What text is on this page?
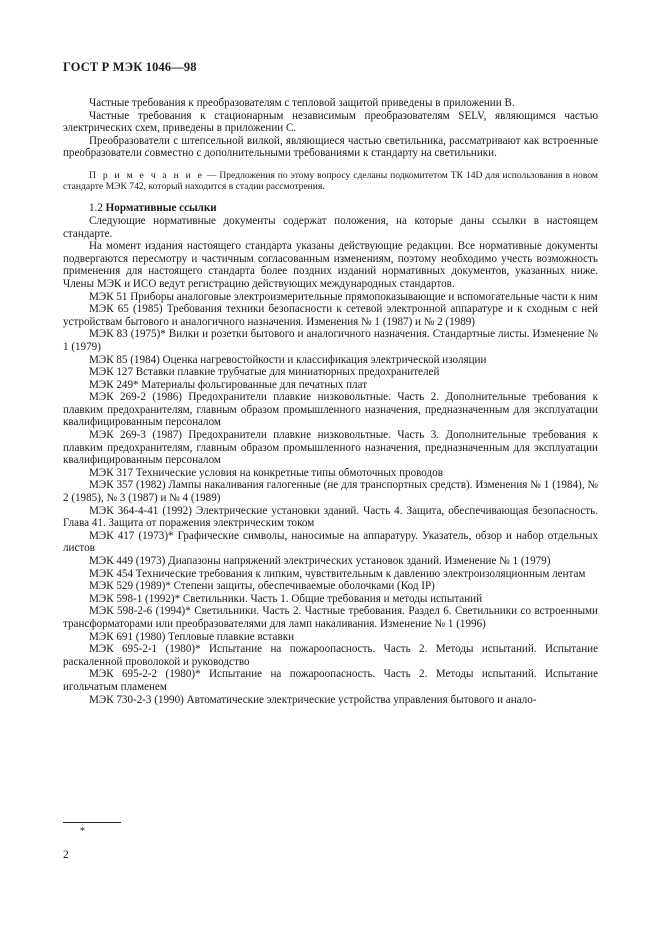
ГОСТ Р МЭК 1046—98

Частные требования к преобразователям с тепловой защитой приведены в приложении В.

Частные требования к стационарным независимым преобразователям SELV, являющимся частью электрических схем, приведены в приложении С.

Преобразователи с штепсельной вилкой, являющиеся частью светильника, рассматривают как встроенные преобразователи совместно с дополнительными требованиями к стандарту на светильники.

П р и м е ч а н и е — Предложения по этому вопросу сделаны подкомитетом ТК 14D для использования в новом стандарте МЭК 742, который находится в стадии рассмотрения.

1.2 Нормативные ссылки

Следующие нормативные документы содержат положения, на которые даны ссылки в настоящем стандарте.

На момент издания настоящего стандарта указаны действующие редакции. Все нормативные документы подвергаются пересмотру и частичным согласованным изменениям, поэтому необходимо учесть возможность применения для настоящего стандарта более поздних изданий нормативных документов, указанных ниже. Члены МЭК и ИСО ведут регистрацию действующих международных стандартов.

МЭК 51 Приборы аналоговые электроизмерительные прямопоказывающие и вспомогательные части к ним

МЭК 65 (1985) Требования техники безопасности к сетевой электронной аппаратуре и к сходным с ней устройствам бытового и аналогичного назначения. Изменения № 1 (1987) и № 2 (1989)

МЭК 83 (1975)* Вилки и розетки бытового и аналогичного назначения. Стандартные листы. Изменение № 1 (1979)

МЭК 85 (1984) Оценка нагревостойкости и классификация электрической изоляции

МЭК 127 Вставки плавкие трубчатые для миниатюрных предохранителей

МЭК 249* Материалы фольгированные для печатных плат

МЭК 269-2 (1986) Предохранители плавкие низковольтные. Часть 2. Дополнительные требования к плавким предохранителям, главным образом промышленного назначения, предназначенным для эксплуатации квалифицированным персоналом

МЭК 269-3 (1987) Предохранители плавкие низковольтные. Часть 3. Дополнительные требования к плавким предохранителям, главным образом промышленного назначения, предназначенным для эксплуатации квалифицированным персоналом

МЭК 317 Технические условия на конкретные типы обмоточных проводов

МЭК 357 (1982) Лампы накаливания галогенные (не для транспортных средств). Изменения № 1 (1984), № 2 (1985), № 3 (1987) и № 4 (1989)

МЭК 364-4-41 (1992) Электрические установки зданий. Часть 4. Защита, обеспечивающая безопасность. Глава 41. Защита от поражения электрическим током

МЭК 417 (1973)* Графические символы, наносимые на аппаратуру. Указатель, обзор и набор отдельных листов

МЭК 449 (1973) Диапазоны напряжений электрических установок зданий. Изменение № 1 (1979)

МЭК 454 Технические требования к липким, чувствительным к давлению электроизоляционным лентам

МЭК 529 (1989)* Степени защиты, обеспечиваемые оболочками (Код IP)

МЭК 598-1 (1992)* Светильники. Часть 1. Общие требования и методы испытаний

МЭК 598-2-6 (1994)* Светильники. Часть 2. Частные требования. Раздел 6. Светильники со встроенными трансформаторами или преобразователями для ламп накаливания. Изменение № 1 (1996)

МЭК 691 (1980) Тепловые плавкие вставки

МЭК 695-2-1 (1980)* Испытание на пожароопасность. Часть 2. Методы испытаний. Испытание раскаленной проволокой и руководство

МЭК 695-2-2 (1980)* Испытание на пожароопасность. Часть 2. Методы испытаний. Испытание игольчатым пламенем

МЭК 730-2-3 (1990) Автоматические электрические устройства управления бытового и анало-

*
2
